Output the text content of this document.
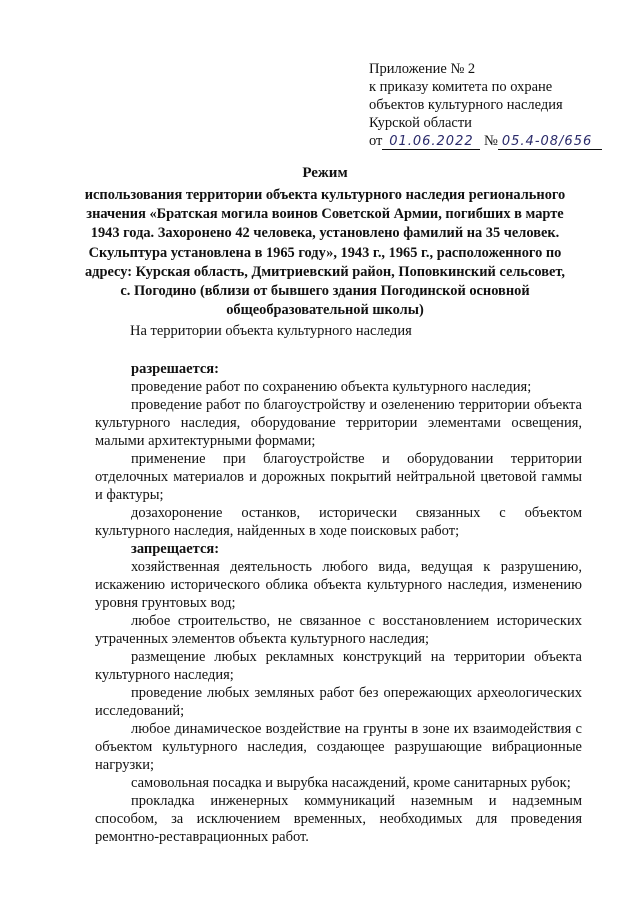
Приложение № 2
к приказу комитета по охране
объектов культурного наследия
Курской области
от 01.06.2022 № 05.4-08/656
Режим
использования территории объекта культурного наследия регионального значения «Братская могила воинов Советской Армии, погибших в марте 1943 года. Захоронено 42 человека, установлено фамилий на 35 человек. Скульптура установлена в 1965 году», 1943 г., 1965 г., расположенного по адресу: Курская область, Дмитриевский район, Поповкинский сельсовет, с. Погодино (вблизи от бывшего здания Погодинской основной общеобразовательной школы)
На территории объекта культурного наследия
разрешается:

проведение работ по сохранению объекта культурного наследия;

проведение работ по благоустройству и озеленению территории объекта культурного наследия, оборудование территории элементами освещения, малыми архитектурными формами;

применение при благоустройстве и оборудовании территории отделочных материалов и дорожных покрытий нейтральной цветовой гаммы и фактуры;

дозахоронение останков, исторически связанных с объектом культурного наследия, найденных в ходе поисковых работ;

запрещается:

хозяйственная деятельность любого вида, ведущая к разрушению, искажению исторического облика объекта культурного наследия, изменению уровня грунтовых вод;

любое строительство, не связанное с восстановлением исторических утраченных элементов объекта культурного наследия;

размещение любых рекламных конструкций на территории объекта культурного наследия;

проведение любых земляных работ без опережающих археологических исследований;

любое динамическое воздействие на грунты в зоне их взаимодействия с объектом культурного наследия, создающее разрушающие вибрационные нагрузки;

самовольная посадка и вырубка насаждений, кроме санитарных рубок;

прокладка инженерных коммуникаций наземным и надземным способом, за исключением временных, необходимых для проведения ремонтно-реставрационных работ.
